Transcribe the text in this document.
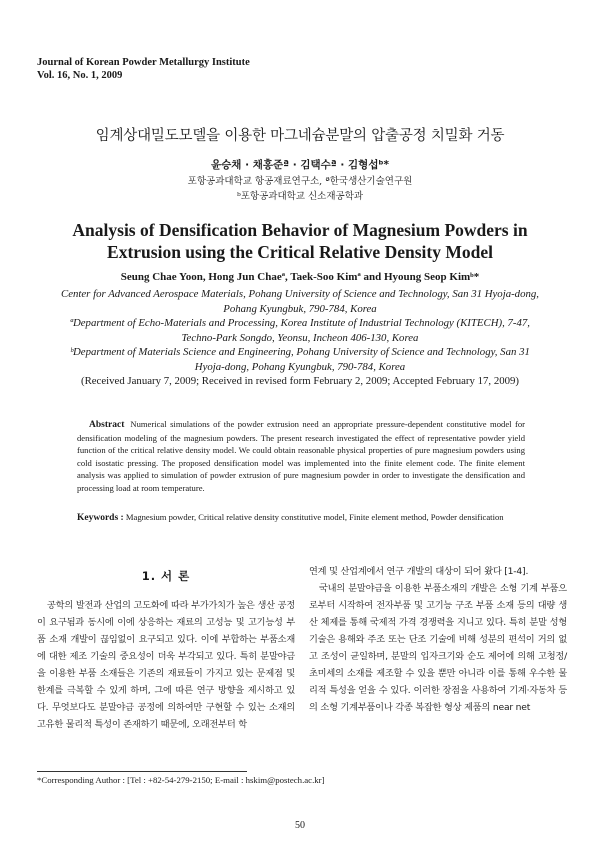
Journal of Korean Powder Metallurgy Institute
Vol. 16, No. 1, 2009
임계상대밀도모델을 이용한 마그네슘분말의 압출공정 치밀화 거동
윤승채 · 채홍준ª · 김택수ª · 김형섭ᵇ*
포항공과대학교 항공재료연구소, ª한국생산기술연구원
ᵇ포항공과대학교 신소재공학과
Analysis of Densification Behavior of Magnesium Powders in Extrusion using the Critical Relative Density Model
Seung Chae Yoon, Hong Jun Chaeª, Taek-Soo Kimª and Hyoung Seop Kimᵇ*
Center for Advanced Aerospace Materials, Pohang University of Science and Technology, San 31 Hyoja-dong, Pohang Kyungbuk, 790-784, Korea
ªDepartment of Echo-Materials and Processing, Korea Institute of Industrial Technology (KITECH), 7-47, Techno-Park Songdo, Yeonsu, Incheon 406-130, Korea
ᵇDepartment of Materials Science and Engineering, Pohang University of Science and Technology, San 31 Hyoja-dong, Pohang Kyungbuk, 790-784, Korea
(Received January 7, 2009; Received in revised form February 2, 2009; Accepted February 17, 2009)
Abstract Numerical simulations of the powder extrusion need an appropriate pressure-dependent constitutive model for densification modeling of the magnesium powders. The present research investigated the effect of representative powder yield function of the critical relative density model. We could obtain reasonable physical properties of pure magnesium powders using cold isostatic pressing. The proposed densification model was implemented into the finite element code. The finite element analysis was applied to simulation of powder extrusion of pure magnesium powder in order to investigate the densification and processing load at room temperature.
Keywords : Magnesium powder, Critical relative density constitutive model, Finite element method, Powder densification
1. 서 론

공학의 발전과 산업의 고도화에 따라 부가가치가 높은 생산 공정이 요구됨과 동시에 이에 상응하는 재료의 고성능 및 고기능성 부품 소재 개발이 끊임없이 요구되고 있다. 이에 부합하는 부품소재에 대한 제조 기술의 중요성이 더욱 부각되고 있다. 특히 분말야금을 이용한 부품 소재들은 기존의 재료들이 가지고 있는 문제점 및 한계를 극복할 수 있게 하며, 그에 따른 연구 방향을 제시하고 있다. 무엇보다도 분말야금 공정에 의하여만 구현할 수 있는 소재의 고유한 물리적 특성이 존재하기 때문에, 오래전부터 학

연계 및 산업계에서 연구 개발의 대상이 되어 왔다 [1-4].

국내의 분말야금을 이용한 부품소재의 개발은 소형 기계 부품으로부터 시작하여 전자부품 및 고기능 구조 부품 소재 등의 대량 생산 체제를 통해 국제적 가격 경쟁력을 지니고 있다. 특히 분말 성형 기술은 용해와 주조 또는 단조 기술에 비해 성분의 편석이 거의 없고 조성이 균일하며, 분말의 입자크기와 순도 제어에 의해 고청정/초미세의 소재를 제조할 수 있을 뿐만 아니라 이를 통해 우수한 물리적 특성을 얻을 수 있다. 이러한 장점을 사용하여 기계·자동차 등의 소형 기계부품이나 각종 복잡한 형상 제품의 near net

*Corresponding Author : [Tel : +82-54-279-2150; E-mail : hskim@postech.ac.kr]
50
